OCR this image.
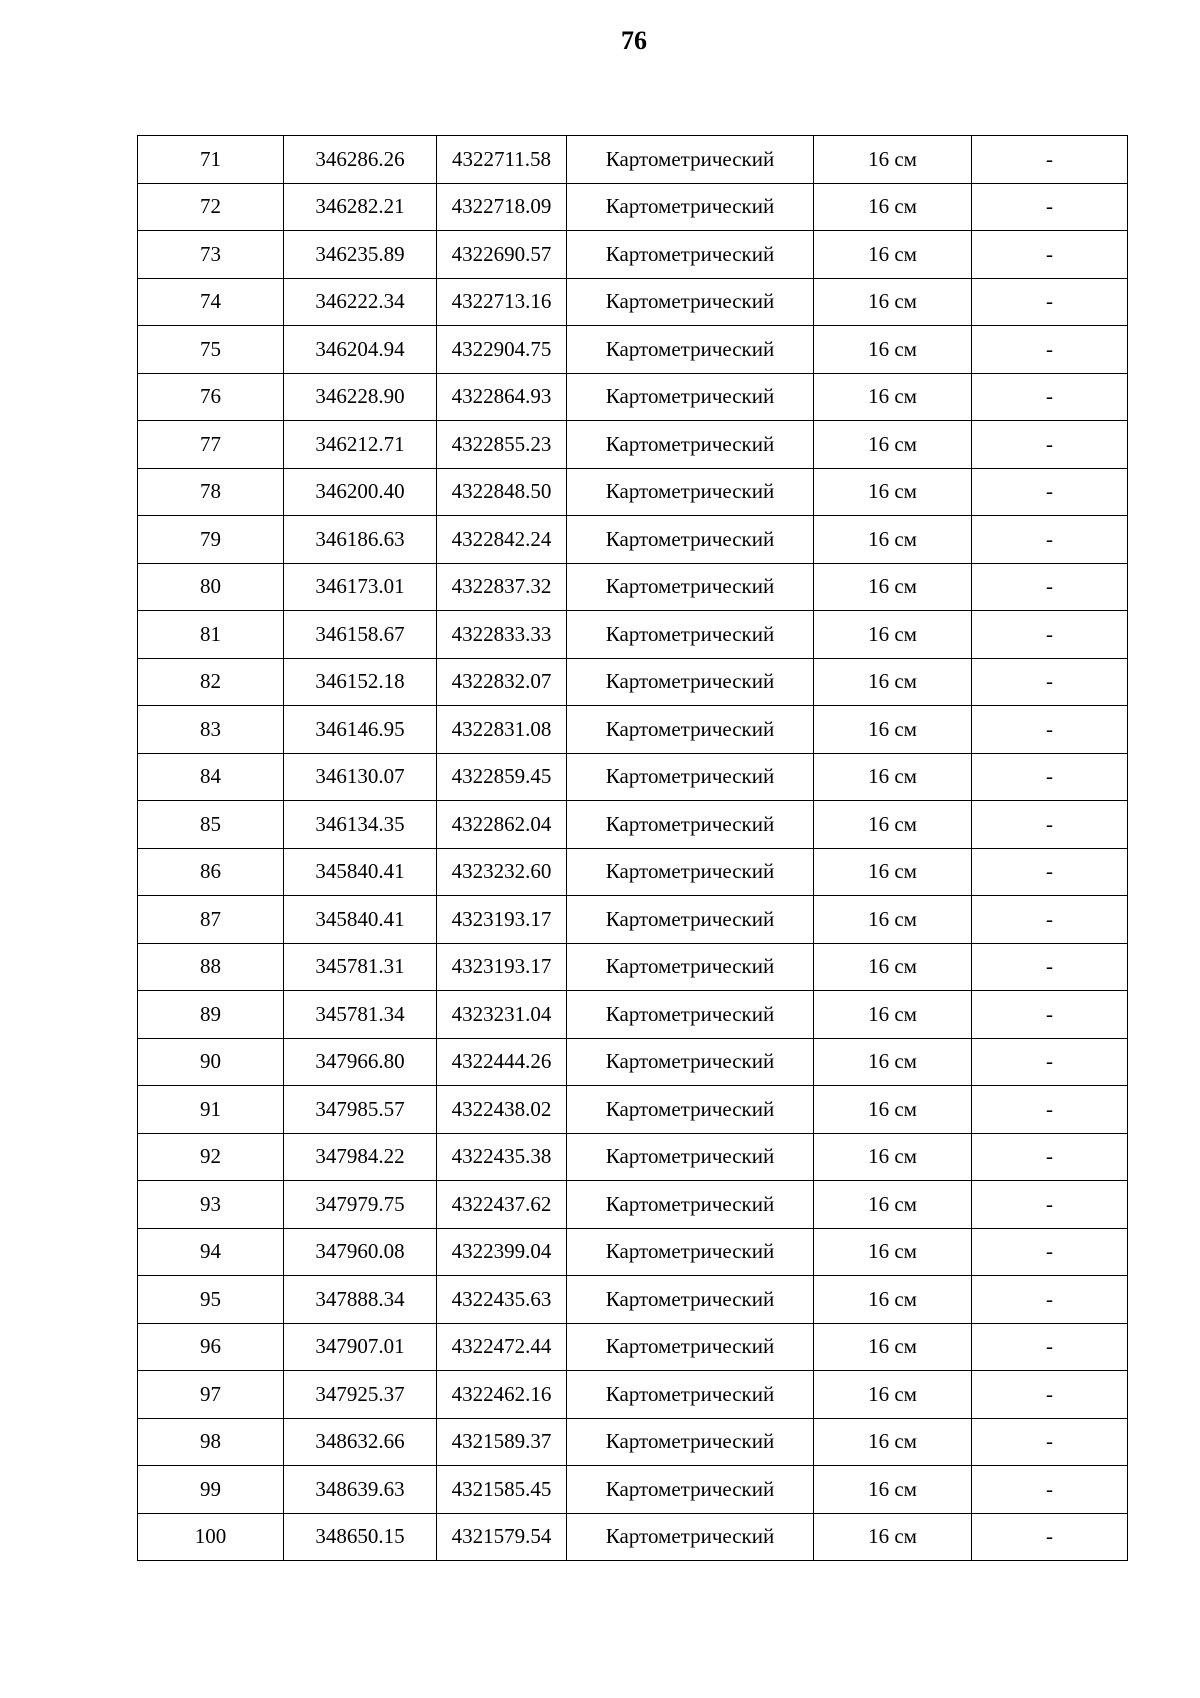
76
71	346286.26	4322711.58	Картометрический	16 см	-
72	346282.21	4322718.09	Картометрический	16 см	-
73	346235.89	4322690.57	Картометрический	16 см	-
74	346222.34	4322713.16	Картометрический	16 см	-
75	346204.94	4322904.75	Картометрический	16 см	-
76	346228.90	4322864.93	Картометрический	16 см	-
77	346212.71	4322855.23	Картометрический	16 см	-
78	346200.40	4322848.50	Картометрический	16 см	-
79	346186.63	4322842.24	Картометрический	16 см	-
80	346173.01	4322837.32	Картометрический	16 см	-
81	346158.67	4322833.33	Картометрический	16 см	-
82	346152.18	4322832.07	Картометрический	16 см	-
83	346146.95	4322831.08	Картометрический	16 см	-
84	346130.07	4322859.45	Картометрический	16 см	-
85	346134.35	4322862.04	Картометрический	16 см	-
86	345840.41	4323232.60	Картометрический	16 см	-
87	345840.41	4323193.17	Картометрический	16 см	-
88	345781.31	4323193.17	Картометрический	16 см	-
89	345781.34	4323231.04	Картометрический	16 см	-
90	347966.80	4322444.26	Картометрический	16 см	-
91	347985.57	4322438.02	Картометрический	16 см	-
92	347984.22	4322435.38	Картометрический	16 см	-
93	347979.75	4322437.62	Картометрический	16 см	-
94	347960.08	4322399.04	Картометрический	16 см	-
95	347888.34	4322435.63	Картометрический	16 см	-
96	347907.01	4322472.44	Картометрический	16 см	-
97	347925.37	4322462.16	Картометрический	16 см	-
98	348632.66	4321589.37	Картометрический	16 см	-
99	348639.63	4321585.45	Картометрический	16 см	-
100	348650.15	4321579.54	Картометрический	16 см	-
